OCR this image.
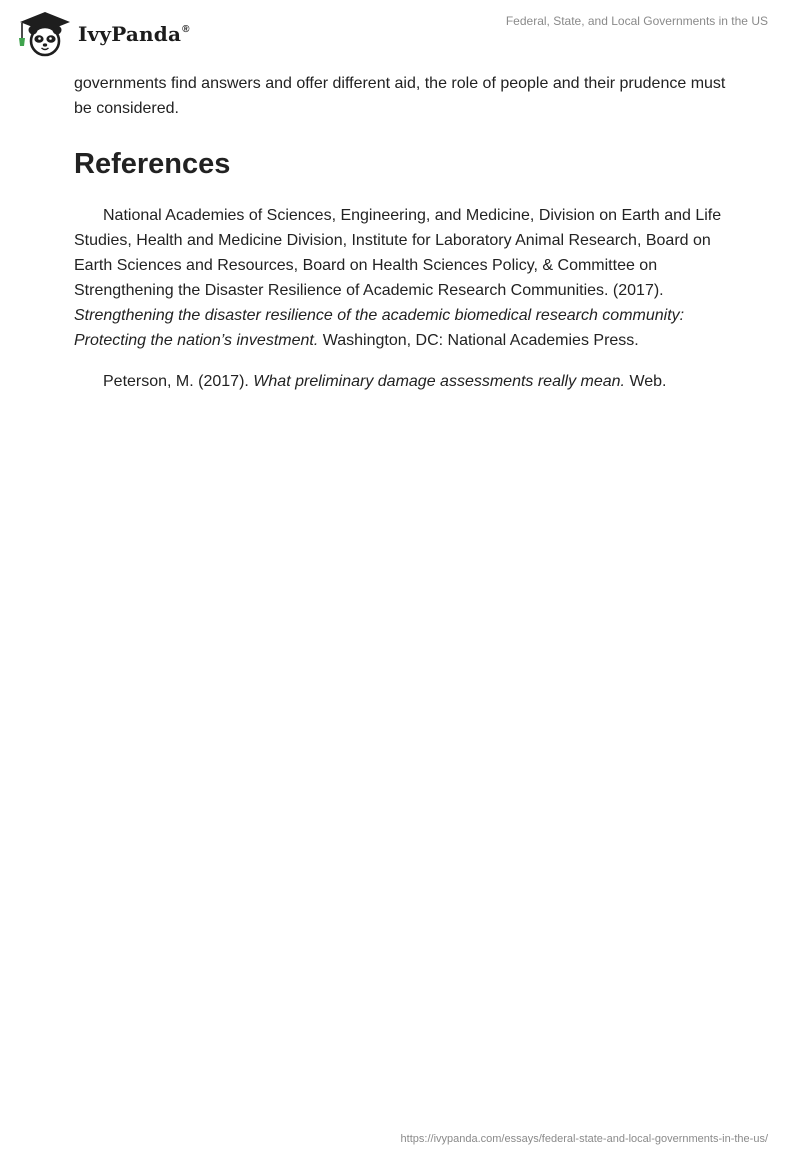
IvyPanda®
Federal, State, and Local Governments in the US

governments find answers and offer different aid, the role of people and their prudence must be considered.

References

National Academies of Sciences, Engineering, and Medicine, Division on Earth and Life Studies, Health and Medicine Division, Institute for Laboratory Animal Research, Board on Earth Sciences and Resources, Board on Health Sciences Policy, & Committee on Strengthening the Disaster Resilience of Academic Research Communities. (2017). Strengthening the disaster resilience of the academic biomedical research community: Protecting the nation’s investment. Washington, DC: National Academies Press.

Peterson, M. (2017). What preliminary damage assessments really mean. Web.

https://ivypanda.com/essays/federal-state-and-local-governments-in-the-us/
